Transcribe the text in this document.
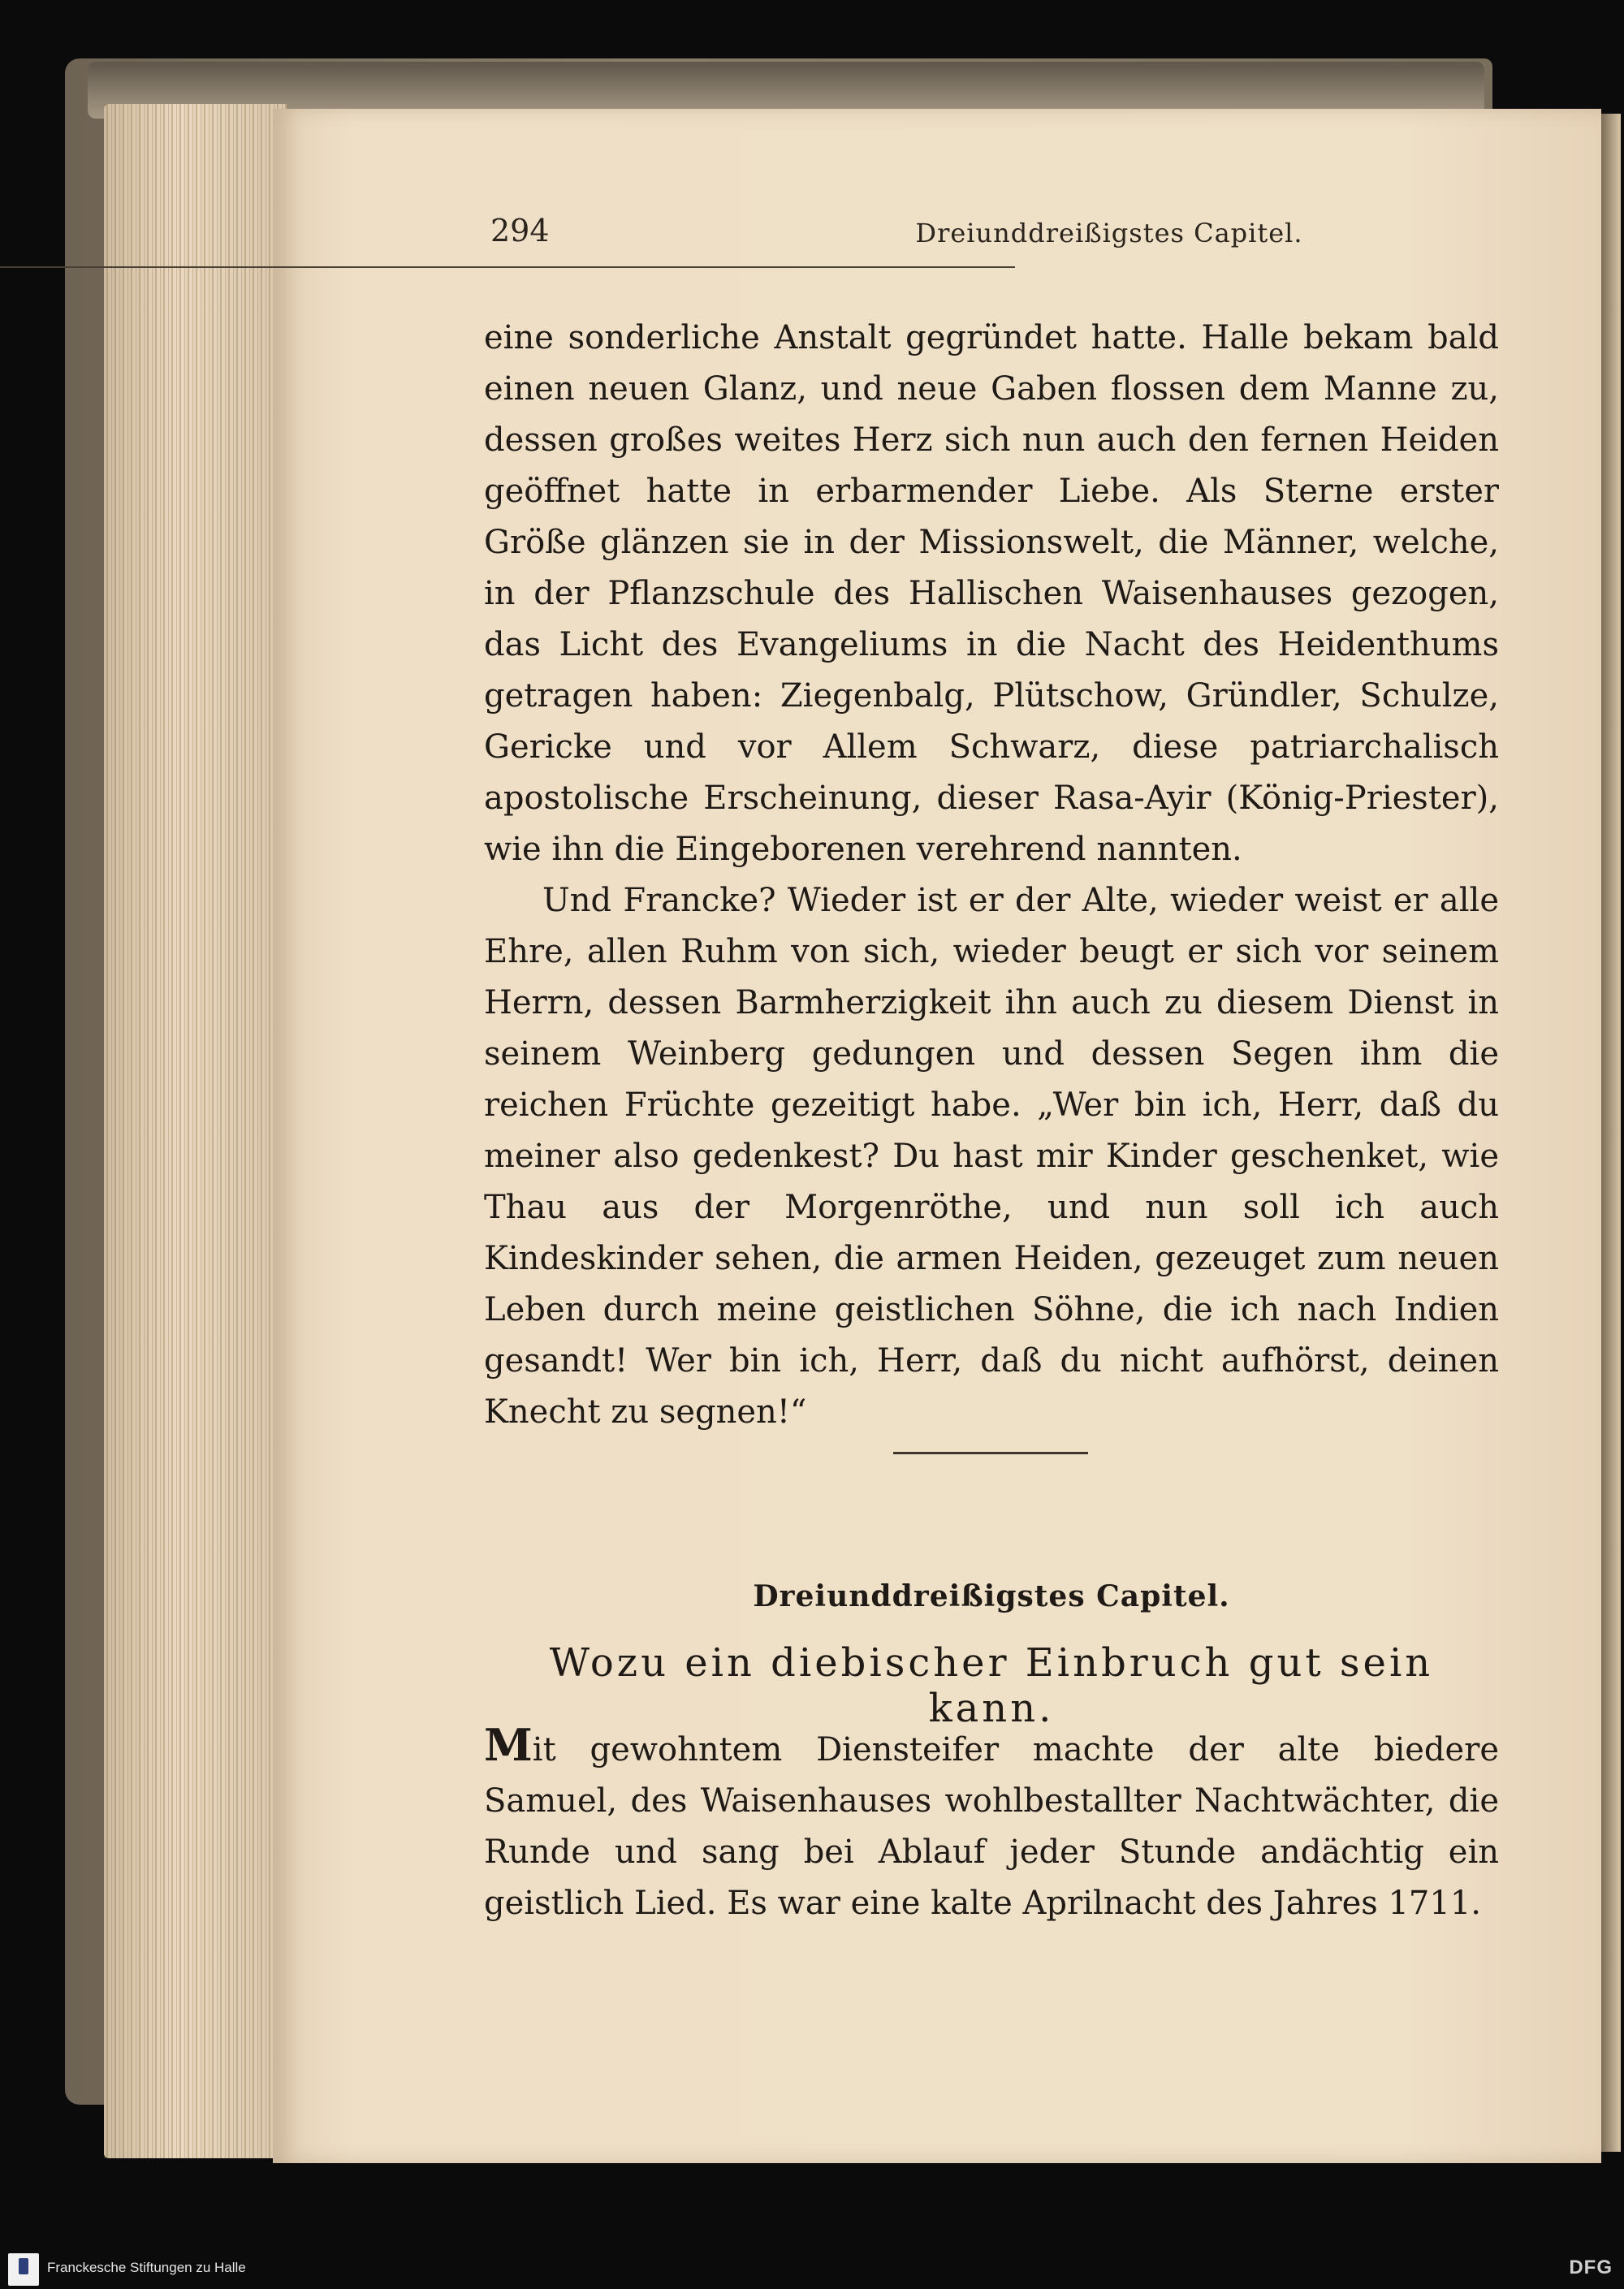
294	Dreiunddreißigstes Capitel.

eine sonderliche Anstalt gegründet hatte. Halle bekam bald einen neuen Glanz, und neue Gaben flossen dem Manne zu, dessen großes weites Herz sich nun auch den fernen Heiden geöffnet hatte in erbarmender Liebe. Als Sterne erster Größe glänzen sie in der Missionswelt, die Männer, welche, in der Pflanzschule des Hallischen Waisenhauses gezogen, das Licht des Evangeliums in die Nacht des Heidenthums getragen haben: Ziegenbalg, Plütschow, Gründler, Schulze, Gericke und vor Allem Schwarz, diese patriarchalisch apostolische Erscheinung, dieser Rasa-Ayir (König-Priester), wie ihn die Eingeborenen verehrend nannten.

Und Francke? Wieder ist er der Alte, wieder weist er alle Ehre, allen Ruhm von sich, wieder beugt er sich vor seinem Herrn, dessen Barmherzigkeit ihn auch zu diesem Dienst in seinem Weinberg gedungen und dessen Segen ihm die reichen Früchte gezeitigt habe. „Wer bin ich, Herr, daß du meiner also gedenkest? Du hast mir Kinder geschenket, wie Thau aus der Morgenröthe, und nun soll ich auch Kindeskinder sehen, die armen Heiden, gezeuget zum neuen Leben durch meine geistlichen Söhne, die ich nach Indien gesandt! Wer bin ich, Herr, daß du nicht aufhörst, deinen Knecht zu segnen!“

Dreiunddreißigstes Capitel.
Wozu ein diebischer Einbruch gut sein kann.

Mit gewohntem Diensteifer machte der alte biedere Samuel, des Waisenhauses wohlbestallter Nachtwächter, die Runde und sang bei Ablauf jeder Stunde andächtig ein geistlich Lied. Es war eine kalte Aprilnacht des Jahres 1711.

Franckesche Stiftungen zu Halle	DFG
